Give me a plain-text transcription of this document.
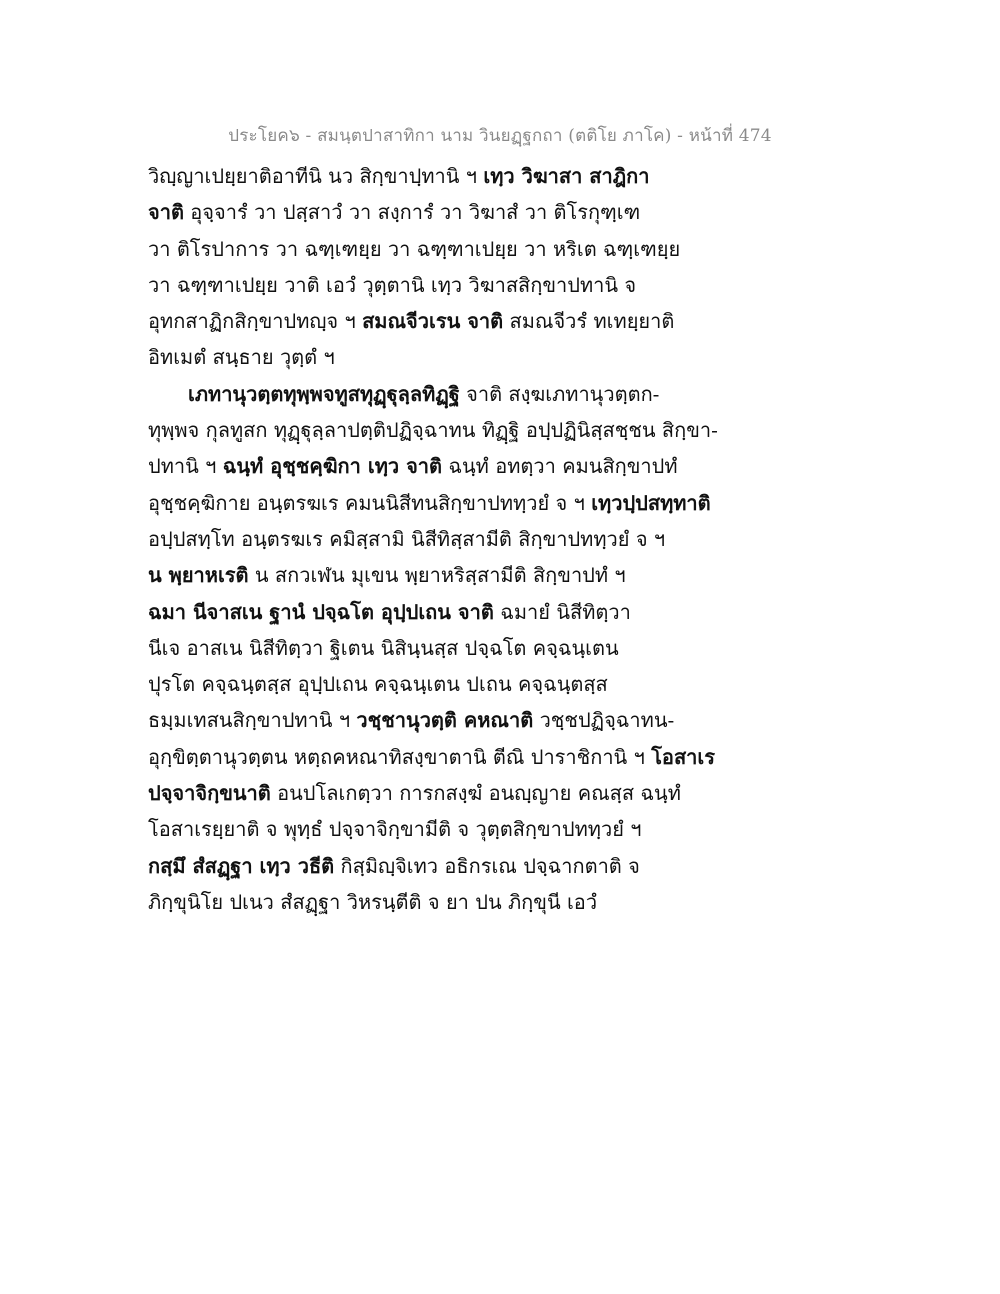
ประโยค๖ - สมนฺตปาสาทิกา นาม วินยฏฺฐกถา (ตติโย ภาโค) - หน้าที่ 474
วิญฺญาเปยฺยาติอาทีนิ นว สิกฺขาปฺทานิ ฯ เทฺว วิฆาสา สาฎิกา
จาติ อุจฺจารํ วา ปสฺสาวํ วา สงฺการํ วา วิฆาสํ วา ติโรกุฑฺเฑ
วา ติโรปาการ วา ฉฑฺเฑยฺย วา ฉฑฺฑาเปยฺย วา หริเต ฉฑฺเฑยฺย
วา ฉฑฺฑาเปยฺย วาติ เอวํ วุตฺตานิ เทฺว วิฆาสสิกฺขาปทานิ จ
อุทกสาฏิกสิกฺขาปทญฺจ ฯ สมณจีวเรน จาติ สมณจีวรํ ทเทยฺยาติ
อิทเมตํ สนฺธาย วุตฺตํ ฯ
เภทานุวตฺตทุพฺพจทูสทุฏฺฐุลฺลทิฏฺฐิ จาติ สงฺฆเภทานุวตฺตก-
ทุพฺพจ กุลทูสก ทุฏฺฐุลฺลาปตฺติปฏิจฺฉาทน ทิฏฺฐิ อปฺปฏินิสฺสชฺชน สิกฺขา-
ปทานิ ฯ ฉนฺทํ อุชฺชคฺฆิกา เทฺว จาติ ฉนฺทํ อทตฺวา คมนสิกฺขาปทํ
อุชฺชคฺฆิกาย อนฺตรฆเร คมนนิสีทนสิกฺขาปททฺวยํ จ ฯ เทฺวปฺปสทฺทาติ
อปฺปสทฺโท อนฺตรฆเร คมิสฺสามิ นิสีทิสฺสามีติ สิกฺขาปททฺวยํ จ ฯ
น พฺยาหเรติ น สกวเฬน มุเขน พฺยาหริสฺสามีติ สิกฺขาปทํ ฯ
ฉมา นีจาสเน ฐานํ ปจฺฉโต อุปฺปเถน จาติ ฉมายํ นิสีทิตฺวา
นีเจ อาสเน นิสีทิตฺวา ฐิเตน นิสินฺนสฺส ปจฺฉโต คจฺฉนฺเตน
ปุรโต คจฺฉนฺตสฺส อุปฺปเถน คจฺฉนฺเตน ปเถน คจฺฉนฺตสฺส
ธมฺมเทสนสิกฺขาปทานิ ฯ วชฺชานุวตฺติ คหณาติ วชฺชปฏิจฺฉาทน-
อุกฺขิตฺตานุวตฺตน หตฺถคหณาทิสงฺขาตานิ ตีณิ ปาราชิกานิ ฯ โอสาเร
ปจฺจาจิกฺขนาติ อนปโลเกตฺวา การกสงฺฆํ อนญฺญาย คณสฺส ฉนฺทํ
โอสาเรยฺยาติ จ พุทฺธํ ปจฺจาจิกฺขามีติ จ วุตฺตสิกฺขาปททฺวยํ ฯ
กสฺมึ สํสฏฺฐา เทฺว วธีติ กิสฺมิญฺจิเทว อธิกรเณ ปจฺฉากตาติ จ
ภิกฺขุนิโย ปเนว สํสฏฺฐา วิหรนฺตีติ จ ยา ปน ภิกฺขุนี เอวํ
